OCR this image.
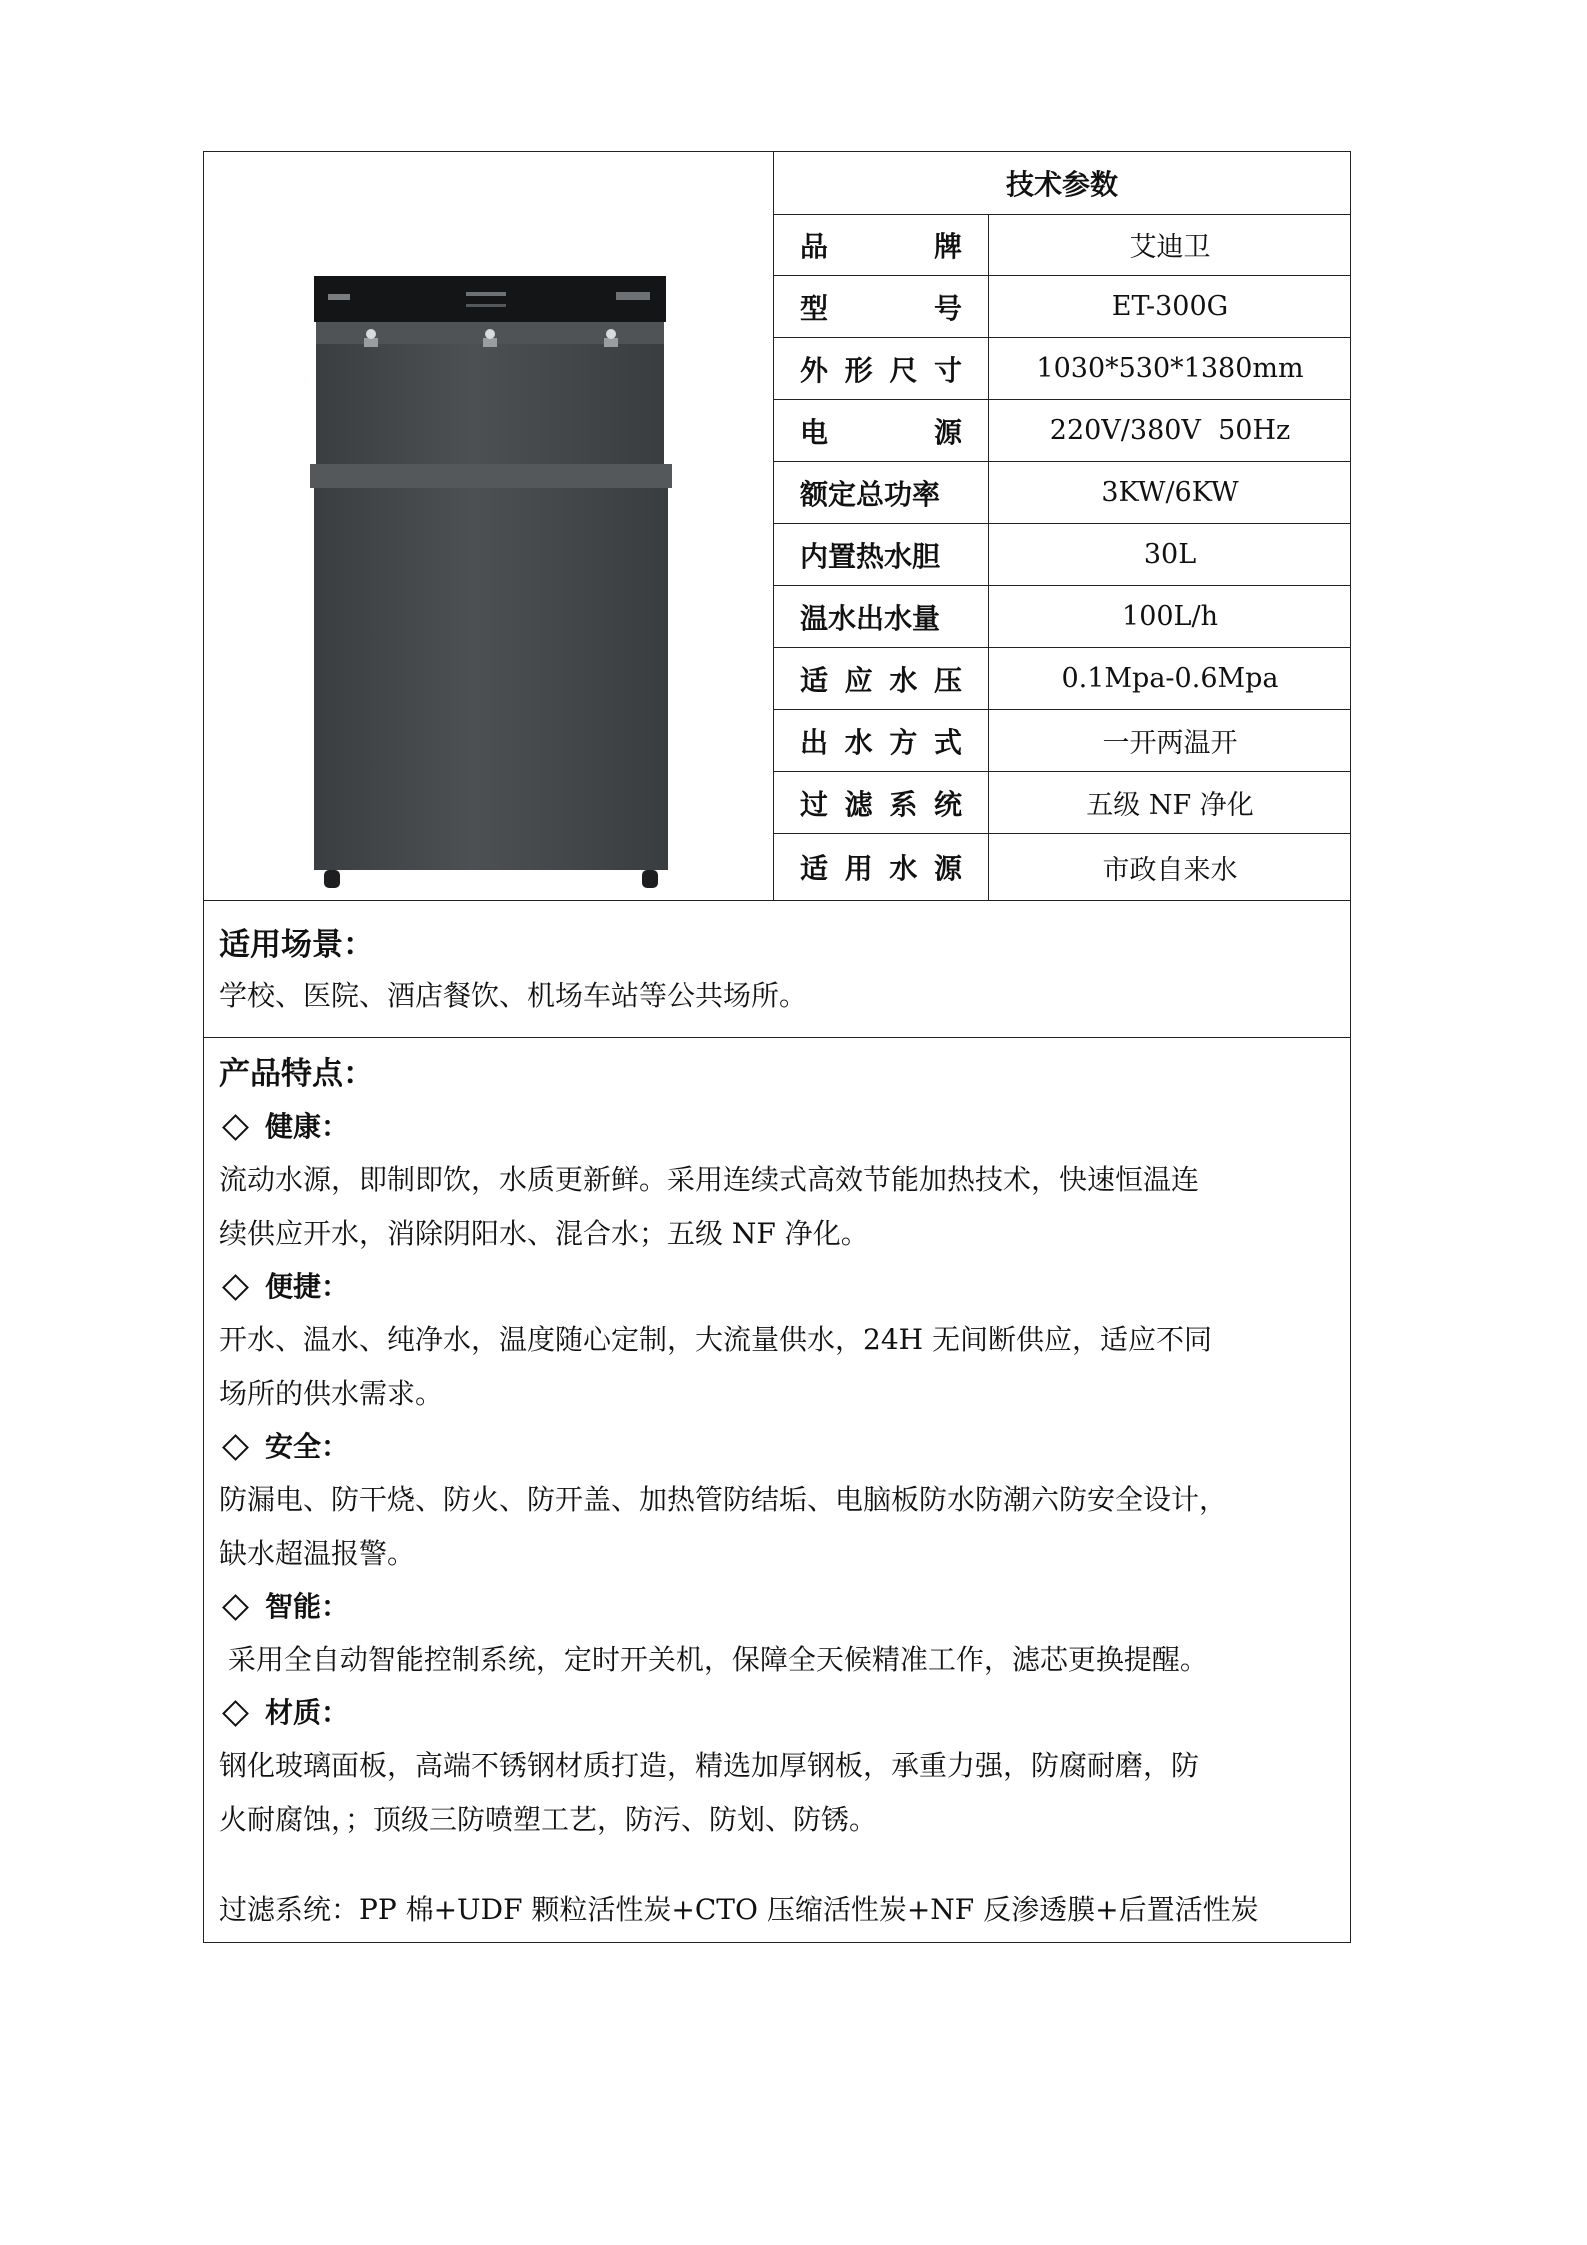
技术参数
品　牌	艾迪卫
型　号	ET-300G
外形尺寸	1030*530*1380mm
电　源	220V/380V  50Hz
额定总功率	3KW/6KW
内置热水胆	30L
温水出水量	100L/h
适应水压	0.1Mpa-0.6Mpa
出水方式	一开两温开
过滤系统	五级 NF 净化
适用水源	市政自来水

适用场景：

学校、医院、酒店餐饮、机场车站等公共场所。

产品特点：

健康：

流动水源，即制即饮，水质更新鲜。采用连续式高效节能加热技术，快速恒温连

续供应开水，消除阴阳水、混合水；五级 NF 净化。

便捷：

开水、温水、纯净水，温度随心定制，大流量供水，24H 无间断供应，适应不同

场所的供水需求。

安全：

防漏电、防干烧、防火、防开盖、加热管防结垢、电脑板防水防潮六防安全设计，

缺水超温报警。

智能：

采用全自动智能控制系统，定时开关机，保障全天候精准工作，滤芯更换提醒。

材质：

钢化玻璃面板，高端不锈钢材质打造，精选加厚钢板，承重力强，防腐耐磨，防

火耐腐蚀，；顶级三防喷塑工艺，防污、防划、防锈。

过滤系统：PP 棉+UDF 颗粒活性炭+CTO 压缩活性炭+NF 反渗透膜+后置活性炭
